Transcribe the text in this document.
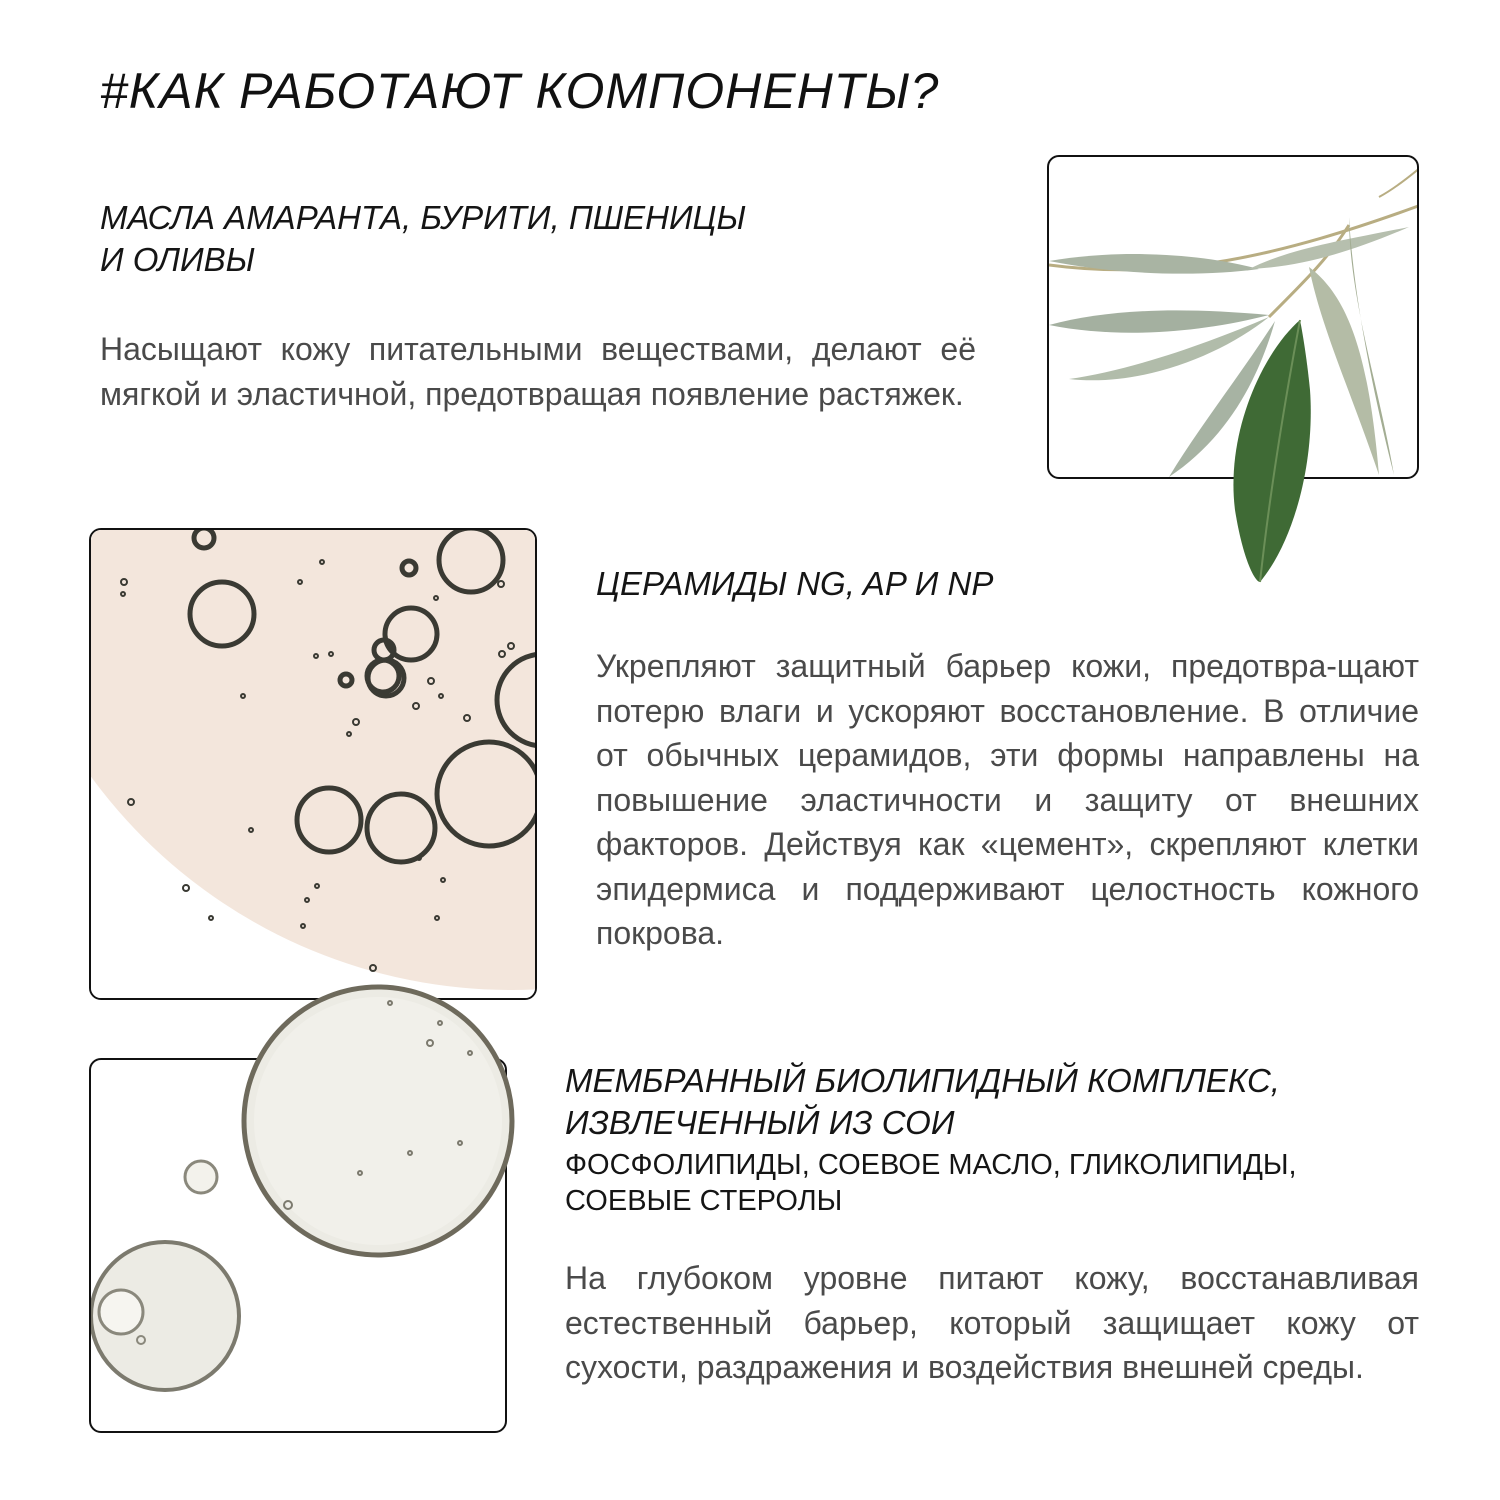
#КАК РАБОТАЮТ КОМПОНЕНТЫ?
МАСЛА АМАРАНТА, БУРИТИ, ПШЕНИЦЫ
И ОЛИВЫ

Насыщают кожу питательными веществами, делают её мягкой и эластичной, предотвращая появление растяжек.

ЦЕРАМИДЫ NG, AP И NP

Укрепляют защитный барьер кожи, предотвра-щают потерю влаги и ускоряют восстановление. В отличие от обычных церамидов, эти формы направлены на повышение эластичности и защиту от внешних факторов. Действуя как «цемент», скрепляют клетки эпидермиса и поддерживают целостность кожного покрова.

МЕМБРАННЫЙ БИОЛИПИДНЫЙ КОМПЛЕКС,
ИЗВЛЕЧЕННЫЙ ИЗ СОИ
ФОСФОЛИПИДЫ, СОЕВОЕ МАСЛО, ГЛИКОЛИПИДЫ,
СОЕВЫЕ СТЕРОЛЫ

На глубоком уровне питают кожу, восстанавливая естественный барьер, который защищает кожу от сухости, раздражения и воздействия внешней среды.
